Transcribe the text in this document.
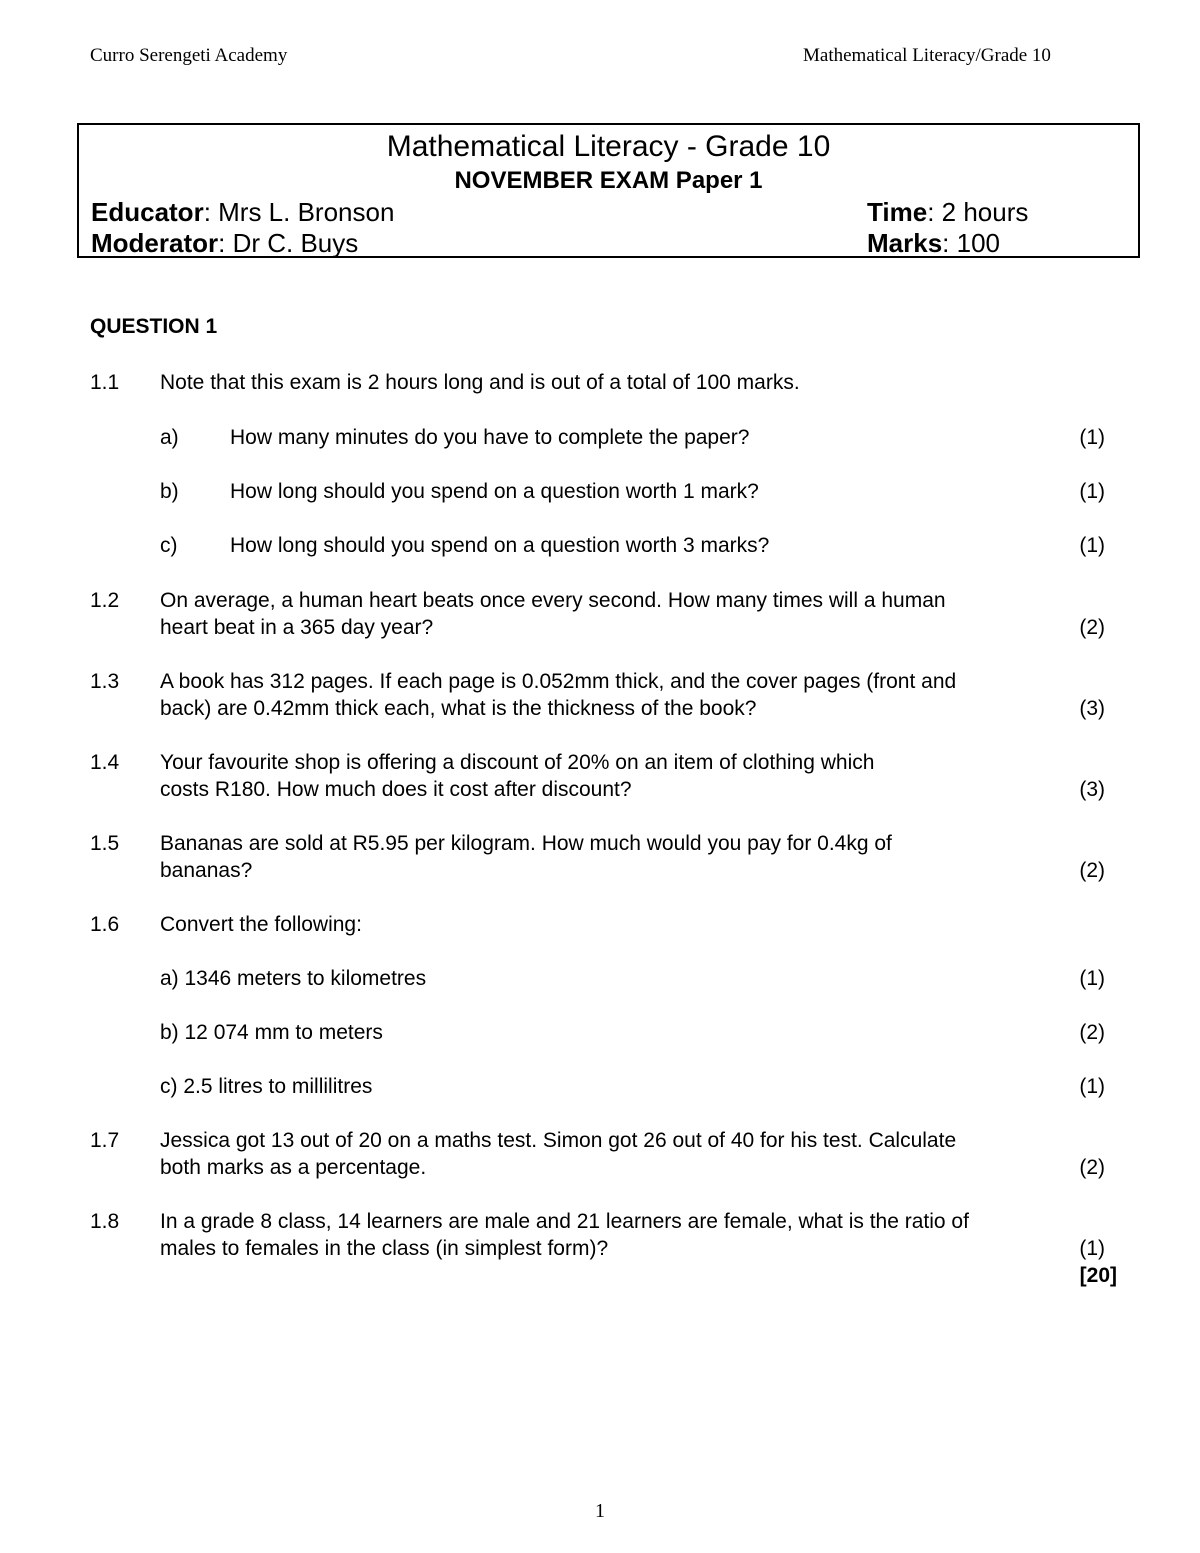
Curro Serengeti Academy	Mathematical Literacy/Grade 10
Mathematical Literacy - Grade 10
NOVEMBER EXAM Paper 1
Educator: Mrs L. Bronson
Moderator: Dr C. Buys
Time: 2 hours
Marks: 100
QUESTION 1
1.1 Note that this exam is 2 hours long and is out of a total of 100 marks.
a) How many minutes do you have to complete the paper?	(1)
b) How long should you spend on a question worth 1 mark?	(1)
c)	How long should you spend on a question worth 3 marks?	(1)
1.2 On average, a human heart beats once every second. How many times will a human
heart beat in a 365 day year?	(2)
1.3 A book has 312 pages. If each page is 0.052mm thick, and the cover pages (front and
back) are 0.42mm thick each, what is the thickness of the book?	(3)
1.4 Your favourite shop is offering a discount of 20% on an item of clothing which
costs R180. How much does it cost after discount?	(3)
1.5 Bananas are sold at R5.95 per kilogram. How much would you pay for 0.4kg of
bananas?	(2)
1.6 Convert the following:
a) 1346 meters to kilometres	(1)
b) 12 074 mm to meters	(2)
c) 2.5 litres to millilitres	(1)
1.7 Jessica got 13 out of 20 on a maths test. Simon got 26 out of 40 for his test. Calculate
both marks as a percentage.	(2)
1.8 In a grade 8 class, 14 learners are male and 21 learners are female, what is the ratio of
males to females in the class (in simplest form)?	(1)
[20]
1
